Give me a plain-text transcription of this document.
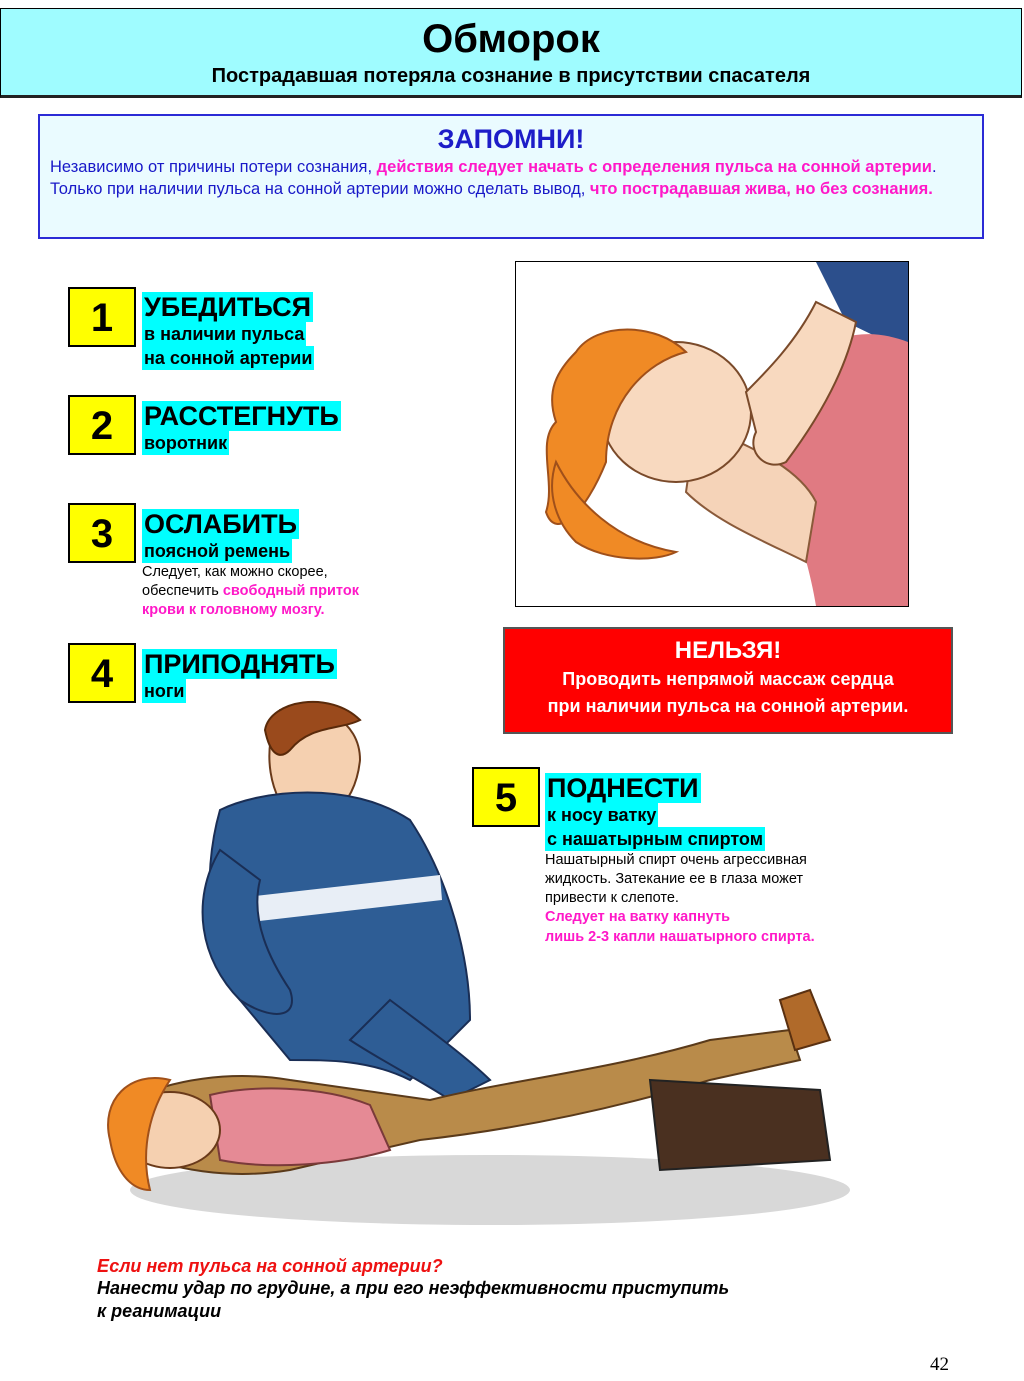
Обморок
Пострадавшая потеряла сознание в присутствии спасателя
ЗАПОМНИ!
Независимо от причины потери сознания, действия следует начать с определения пульса на сонной артерии. Только при наличии пульса на сонной артерии можно сделать вывод, что пострадавшая жива, но без сознания.
1	УБЕДИТЬСЯ
в наличии пульса
на сонной артерии
2	РАССТЕГНУТЬ
воротник
3	ОСЛАБИТЬ
поясной ремень
Следует, как можно скорее,
обеспечить свободный приток
крови к головному мозгу.
4	ПРИПОДНЯТЬ
ноги
НЕЛЬЗЯ!
Проводить непрямой массаж сердца
при наличии пульса на сонной артерии.
5	ПОДНЕСТИ
к носу ватку
с нашатырным спиртом
Нашатырный спирт очень агрессивная
жидкость. Затекание ее в глаза может
привести к слепоте.
Следует на ватку капнуть
лишь 2-3 капли нашатырного спирта.
Если нет пульса на сонной артерии?
Нанести удар по грудине, а при его неэффективности приступить
к реанимации
42
